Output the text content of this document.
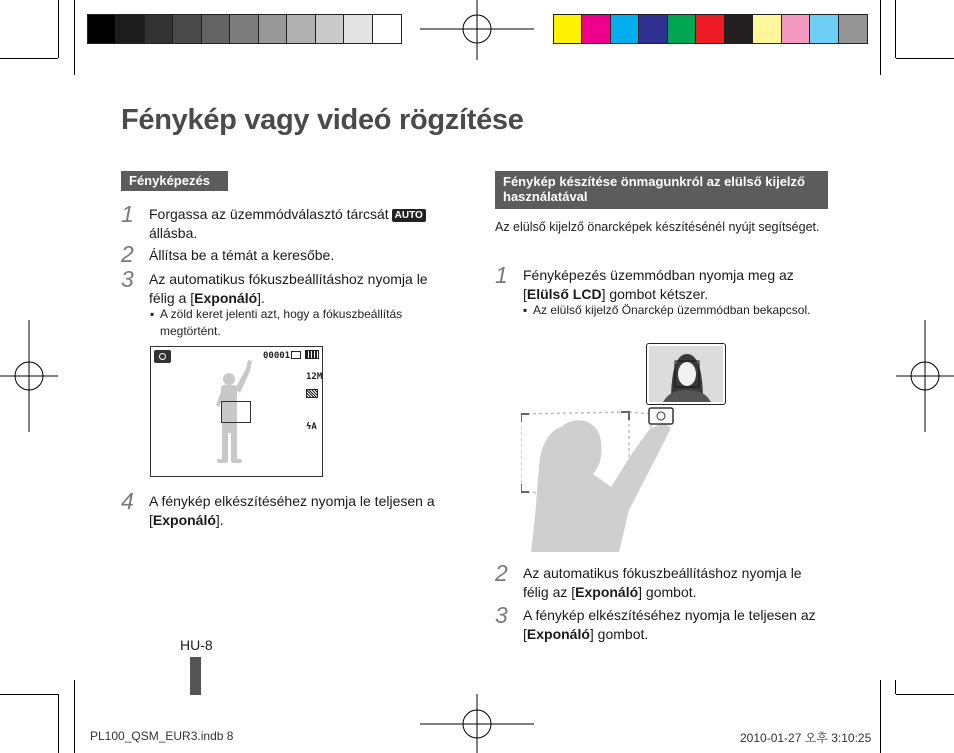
Fénykép vagy videó rögzítése
Fényképezés
1 Forgassa az üzemmódválasztó tárcsát AUTO
állásba.
2 Állítsa be a témát a keresőbe.
3 Az automatikus fókuszbeállításhoz nyomja le félig a [Exponáló].
▪ A zöld keret jelenti azt, hogy a fókuszbeállítás megtörtént.
00001
12M
ϟA
4 A fénykép elkészítéséhez nyomja le teljesen a [Exponáló].
Fénykép készítése önmagunkról az elülső kijelző használatával
Az elülső kijelző önarcképek készítésénél nyújt segítséget.
1 Fényképezés üzemmódban nyomja meg az [Elülső LCD] gombot kétszer.
▪ Az elülső kijelző Önarckép üzemmódban bekapcsol.
2 Az automatikus fókuszbeállításhoz nyomja le félig az [Exponáló] gombot.
3 A fénykép elkészítéséhez nyomja le teljesen az [Exponáló] gombot.
HU-8
PL100_QSM_EUR3.indb 8	2010-01-27 오후 3:10:25
